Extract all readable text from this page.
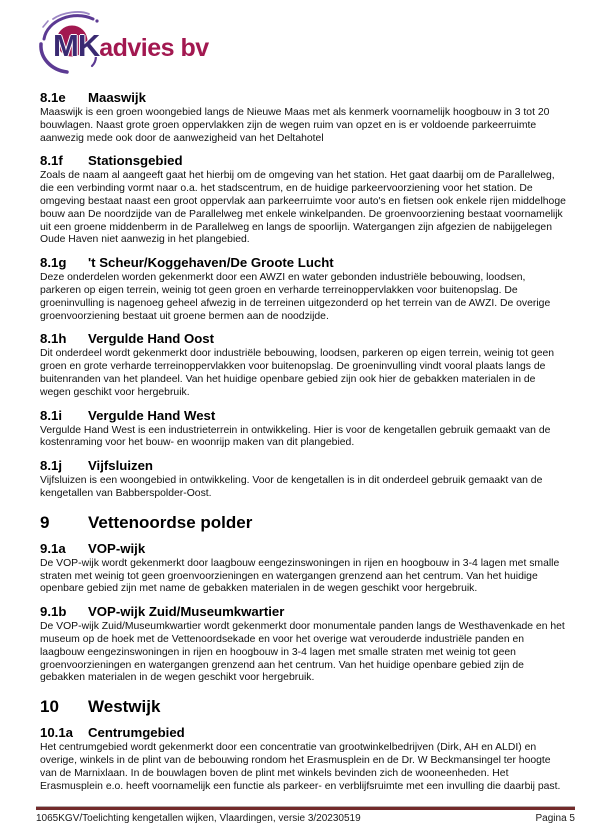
MKadvies bv
8.1e Maaswijk

Maaswijk is een groen woongebied langs de Nieuwe Maas met als kenmerk voornamelijk hoogbouw in 3 tot 20 bouwlagen. Naast grote groen oppervlakken zijn de wegen ruim van opzet en is er voldoende parkeerruimte aanwezig mede ook door de aanwezigheid van het Deltahotel

8.1f Stationsgebied

Zoals de naam al aangeeft gaat het hierbij om de omgeving van het station. Het gaat daarbij om de Parallelweg, die een verbinding vormt naar o.a. het stadscentrum, en de huidige parkeervoorziening voor het station. De omgeving bestaat naast een groot oppervlak aan parkeerruimte voor auto's en fietsen ook enkele rijen middelhoge bouw aan De noordzijde van de Parallelweg met enkele winkelpanden. De groenvoorziening bestaat voornamelijk uit een groene middenberm in de Parallelweg en langs de spoorlijn. Watergangen zijn afgezien de nabijgelegen Oude Haven niet aanwezig in het plangebied.

8.1g 't Scheur/Koggehaven/De Groote Lucht

Deze onderdelen worden gekenmerkt door een AWZI en water gebonden industriële bebouwing, loodsen, parkeren op eigen terrein, weinig tot geen groen en verharde terreinoppervlakken voor buitenopslag. De groeninvulling is nagenoeg geheel afwezig in de terreinen uitgezonderd op het terrein van de AWZI. De overige groenvoorziening bestaat uit groene bermen aan de noodzijde.

8.1h Vergulde Hand Oost

Dit onderdeel wordt gekenmerkt door industriële bebouwing, loodsen, parkeren op eigen terrein, weinig tot geen groen en grote verharde terreinoppervlakken voor buitenopslag. De groeninvulling vindt vooral plaats langs de buitenranden van het plandeel. Van het huidige openbare gebied zijn ook hier de gebakken materialen in de wegen geschikt voor hergebruik.

8.1i Vergulde Hand West

Vergulde Hand West is een industrieterrein in ontwikkeling. Hier is voor de kengetallen gebruik gemaakt van de kostenraming voor het bouw- en woonrijp maken van dit plangebied.

8.1j Vijfsluizen

Vijfsluizen is een woongebied in ontwikkeling. Voor de kengetallen is in dit onderdeel gebruik gemaakt van de kengetallen van Babberspolder-Oost.

9 Vettenoordse polder
9.1a VOP-wijk

De VOP-wijk wordt gekenmerkt door laagbouw eengezinswoningen in rijen en hoogbouw in 3-4 lagen met smalle straten met weinig tot geen groenvoorzieningen en watergangen grenzend aan het centrum. Van het huidige openbare gebied zijn met name de gebakken materialen in de wegen geschikt voor hergebruik.

9.1b VOP-wijk Zuid/Museumkwartier

De VOP-wijk Zuid/Museumkwartier wordt gekenmerkt door monumentale panden langs de Westhavenkade en het museum op de hoek met de Vettenoordsekade en voor het overige wat verouderde industriële panden en laagbouw eengezinswoningen in rijen en hoogbouw in 3-4 lagen met smalle straten met weinig tot geen groenvoorzieningen en watergangen grenzend aan het centrum. Van het huidige openbare gebied zijn de gebakken materialen in de wegen geschikt voor hergebruik.

10 Westwijk
10.1a Centrumgebied

Het centrumgebied wordt gekenmerkt door een concentratie van grootwinkelbedrijven (Dirk, AH en ALDI) en overige, winkels in de plint van de bebouwing rondom het Erasmusplein en de Dr. W Beckmansingel ter hoogte van de Marnixlaan. In de bouwlagen boven de plint met winkels bevinden zich de wooneenheden. Het Erasmusplein e.o. heeft voornamelijk een functie als parkeer- en verblijfsruimte met een invulling die daarbij past.

1065KGV/Toelichting kengetallen wijken, Vlaardingen, versie 3/20230519	Pagina 5
